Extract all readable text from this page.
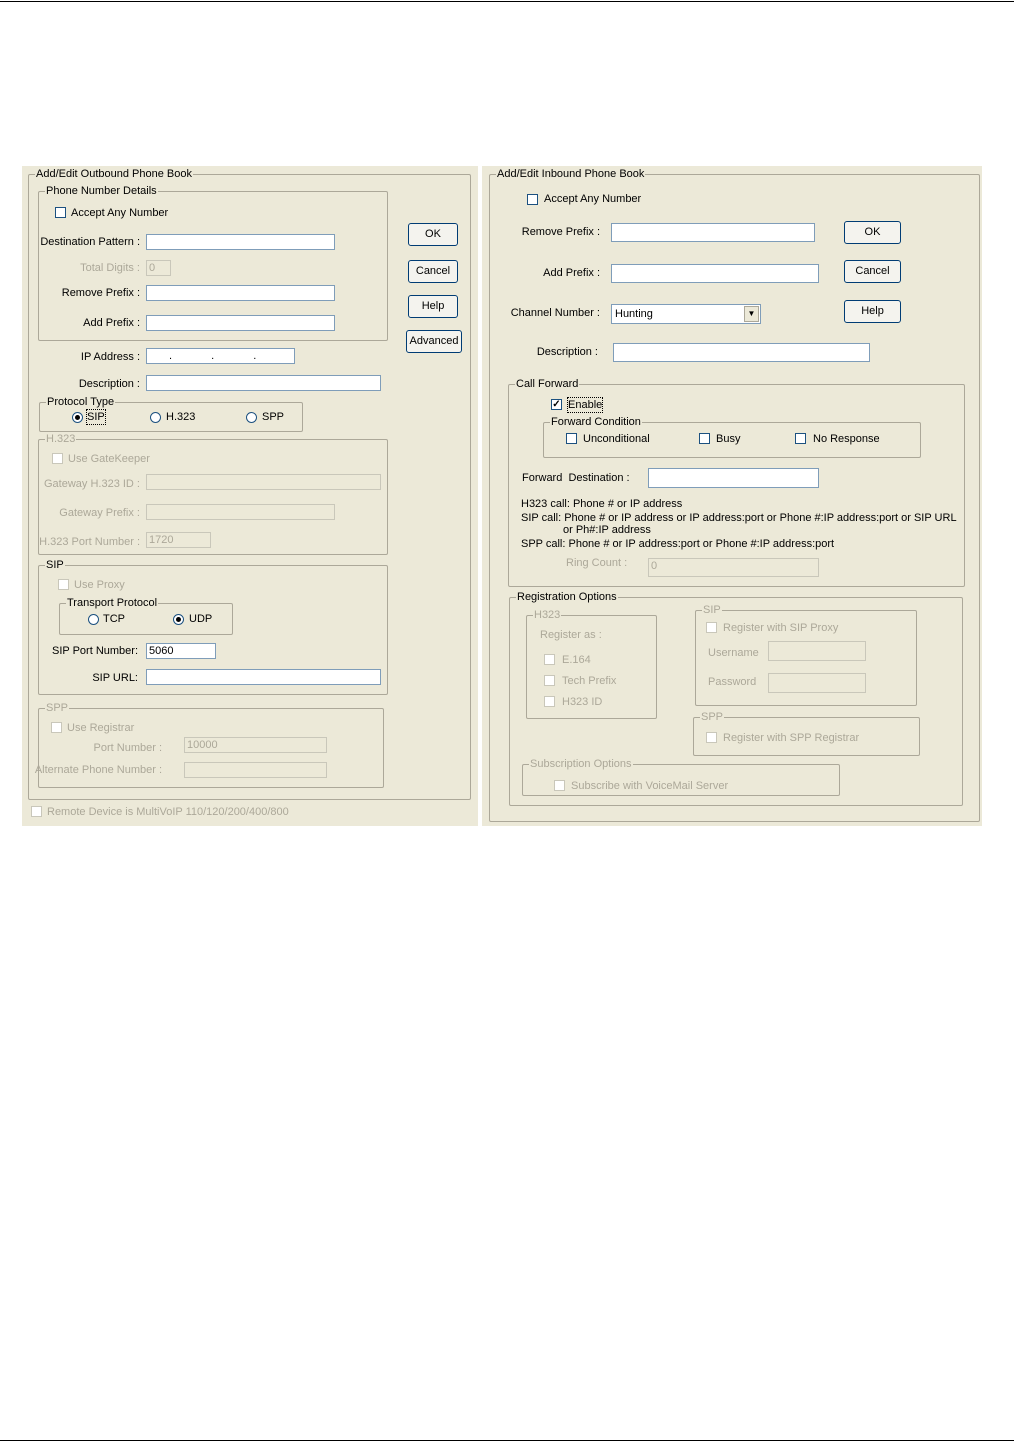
Add/Edit Outbound Phone Book
Phone Number Details
Accept Any Number
Destination Pattern :
Total Digits : 0
Remove Prefix :
Add Prefix :
IP Address :	. . .
Description :
Protocol Type
SIP	H.323	SPP
H.323
Use GateKeeper
Gateway H.323 ID :
Gateway Prefix :
H.323 Port Number : 1720
SIP
Use Proxy
Transport Protocol
TCP	UDP
SIP Port Number: 5060
SIP URL:
SPP
Use Registrar
Port Number : 10000
Alternate Phone Number :
Remote Device is MultiVoIP 110/120/200/400/800
OK
Cancel
Help
Advanced
Add/Edit Inbound Phone Book
Accept Any Number
Remove Prefix :
Add Prefix :
Channel Number :	Hunting	▼
Description :
OK
Cancel
Help
Call Forward
✓ Enable
Forward Condition
Unconditional	Busy	No Response
Forward  Destination :
H323 call: Phone # or IP address
SIP call: Phone # or IP address or IP address:port or Phone #:IP address:port or SIP URL
or Ph#:IP address
SPP call: Phone # or IP address:port or Phone #:IP address:port
Ring Count : 0
Registration Options
H323
Register as :
E.164
Tech Prefix
H323 ID
SIP
Register with SIP Proxy
Username
Password
SPP
Register with SPP Registrar
Subscription Options
Subscribe with VoiceMail Server
